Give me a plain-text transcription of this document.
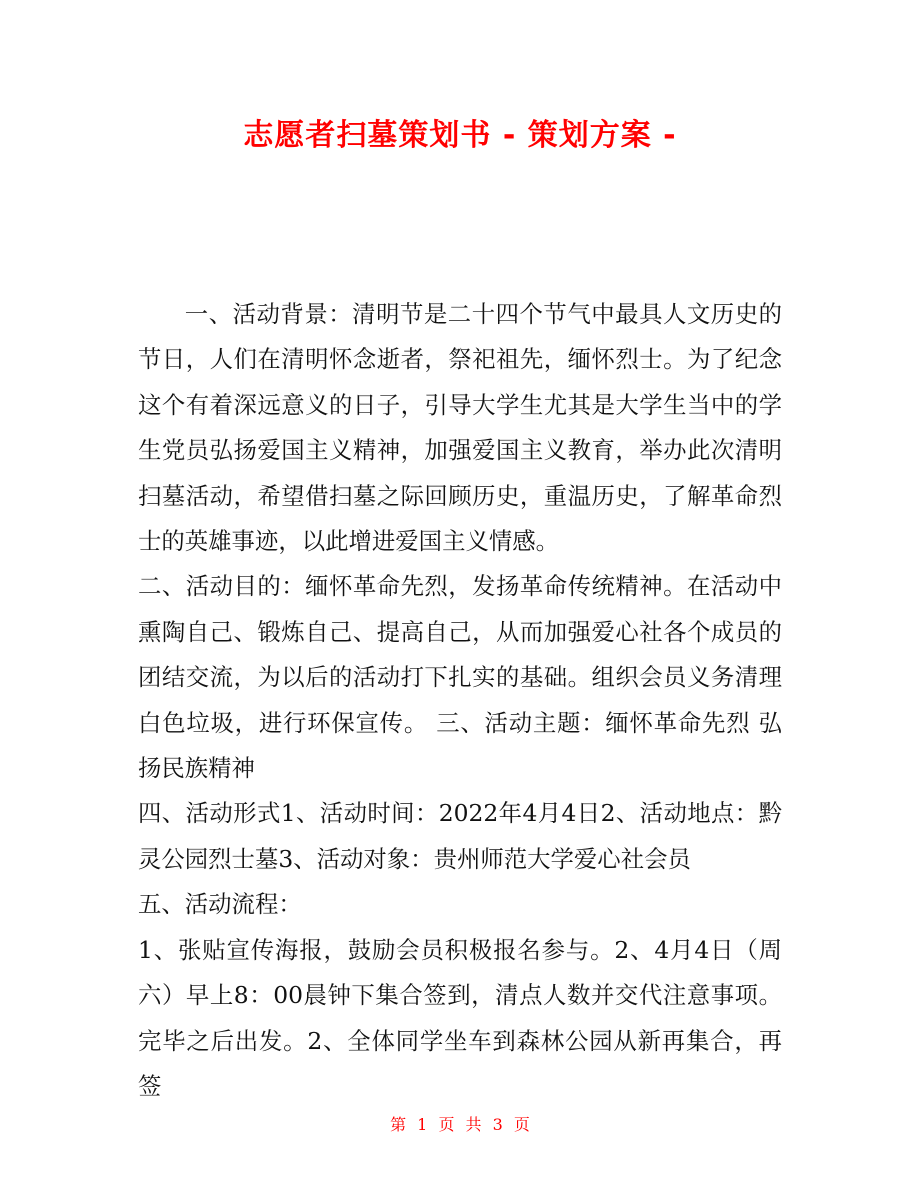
志愿者扫墓策划书 - 策划方案 -

一、活动背景：清明节是二十四个节气中最具人文历史的节日，人们在清明怀念逝者，祭祀祖先，缅怀烈士。为了纪念这个有着深远意义的日子，引导大学生尤其是大学生当中的学生党员弘扬爱国主义精神，加强爱国主义教育，举办此次清明扫墓活动，希望借扫墓之际回顾历史，重温历史，了解革命烈士的英雄事迹，以此增进爱国主义情感。

二、活动目的：缅怀革命先烈，发扬革命传统精神。在活动中熏陶自己、锻炼自己、提高自己，从而加强爱心社各个成员的团结交流，为以后的活动打下扎实的基础。组织会员义务清理白色垃圾，进行环保宣传。 三、活动主题：缅怀革命先烈 弘扬民族精神

四、活动形式1、活动时间：2022年4月4日2、活动地点：黔灵公园烈士墓3、活动对象：贵州师范大学爱心社会员

五、活动流程：

1、张贴宣传海报，鼓励会员积极报名参与。2、4月4日（周六）早上8：00晨钟下集合签到，清点人数并交代注意事项。完毕之后出发。2、全体同学坐车到森林公园从新再集合，再签

第 1 页 共 3 页
